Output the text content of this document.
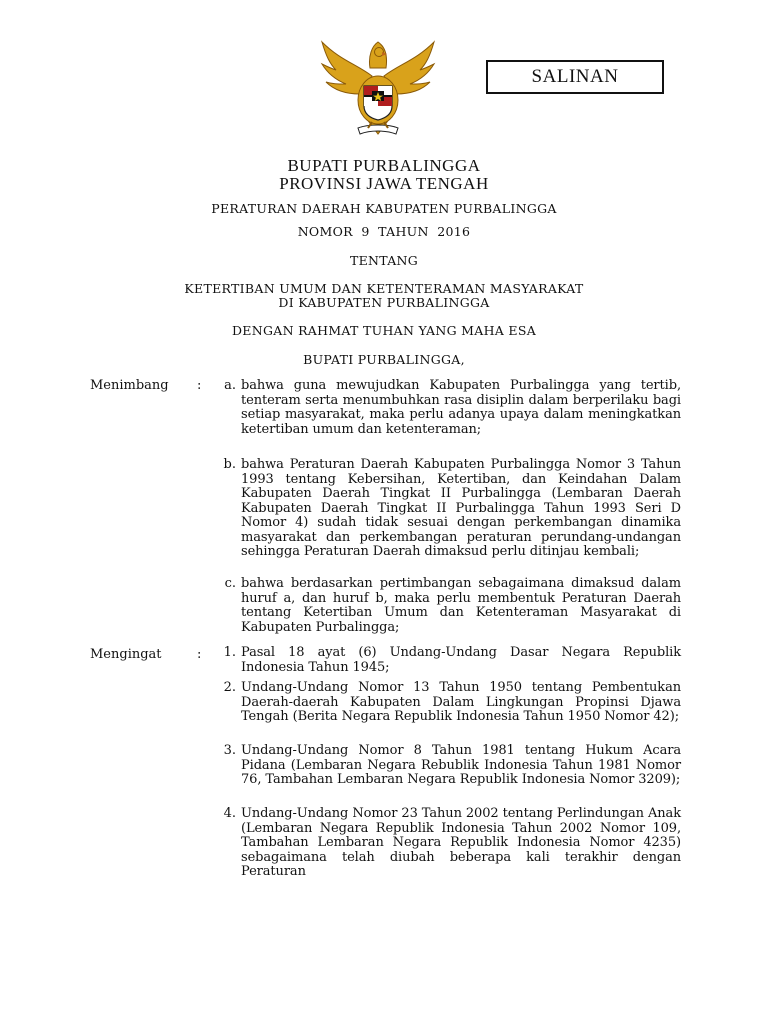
SALINAN
BUPATI PURBALINGGA
PROVINSI JAWA TENGAH
PERATURAN DAERAH KABUPATEN PURBALINGGA
NOMOR  9  TAHUN  2016
TENTANG
KETERTIBAN UMUM DAN KETENTERAMAN MASYARAKAT
DI KABUPATEN PURBALINGGA
DENGAN RAHMAT TUHAN YANG MAHA ESA
BUPATI PURBALINGGA,
Menimbang :	a. bahwa guna mewujudkan Kabupaten Purbalingga yang tertib, tenteram serta menumbuhkan rasa disiplin dalam berperilaku bagi setiap masyarakat, maka perlu adanya upaya dalam meningkatkan ketertiban umum dan ketenteraman;
b. bahwa Peraturan Daerah Kabupaten Purbalingga Nomor 3 Tahun 1993 tentang Kebersihan, Ketertiban, dan Keindahan Dalam Kabupaten Daerah Tingkat II Purbalingga (Lembaran Daerah Kabupaten Daerah Tingkat II Purbalingga Tahun 1993 Seri D Nomor 4) sudah tidak sesuai dengan perkembangan dinamika masyarakat dan perkembangan peraturan perundang-undangan sehingga Peraturan Daerah dimaksud perlu ditinjau kembali;
c. bahwa berdasarkan pertimbangan sebagaimana dimaksud dalam huruf a, dan huruf b, maka perlu membentuk Peraturan Daerah tentang Ketertiban Umum dan Ketenteraman Masyarakat di Kabupaten Purbalingga;
Mengingat	:	1. Pasal 18 ayat (6) Undang-Undang Dasar Negara Republik Indonesia Tahun 1945;
2. Undang-Undang Nomor 13 Tahun 1950 tentang Pembentukan Daerah-daerah Kabupaten Dalam Lingkungan Propinsi Djawa Tengah (Berita Negara Republik Indonesia Tahun 1950 Nomor 42);
3. Undang-Undang Nomor 8 Tahun 1981 tentang Hukum Acara Pidana (Lembaran Negara Rebublik Indonesia Tahun 1981 Nomor 76, Tambahan Lembaran Negara Republik Indonesia Nomor 3209);
4. Undang-Undang Nomor 23 Tahun 2002 tentang Perlindungan Anak (Lembaran Negara Republik Indonesia Tahun 2002 Nomor 109, Tambahan Lembaran Negara Republik Indonesia Nomor 4235) sebagaimana telah diubah beberapa kali terakhir dengan Peraturan
